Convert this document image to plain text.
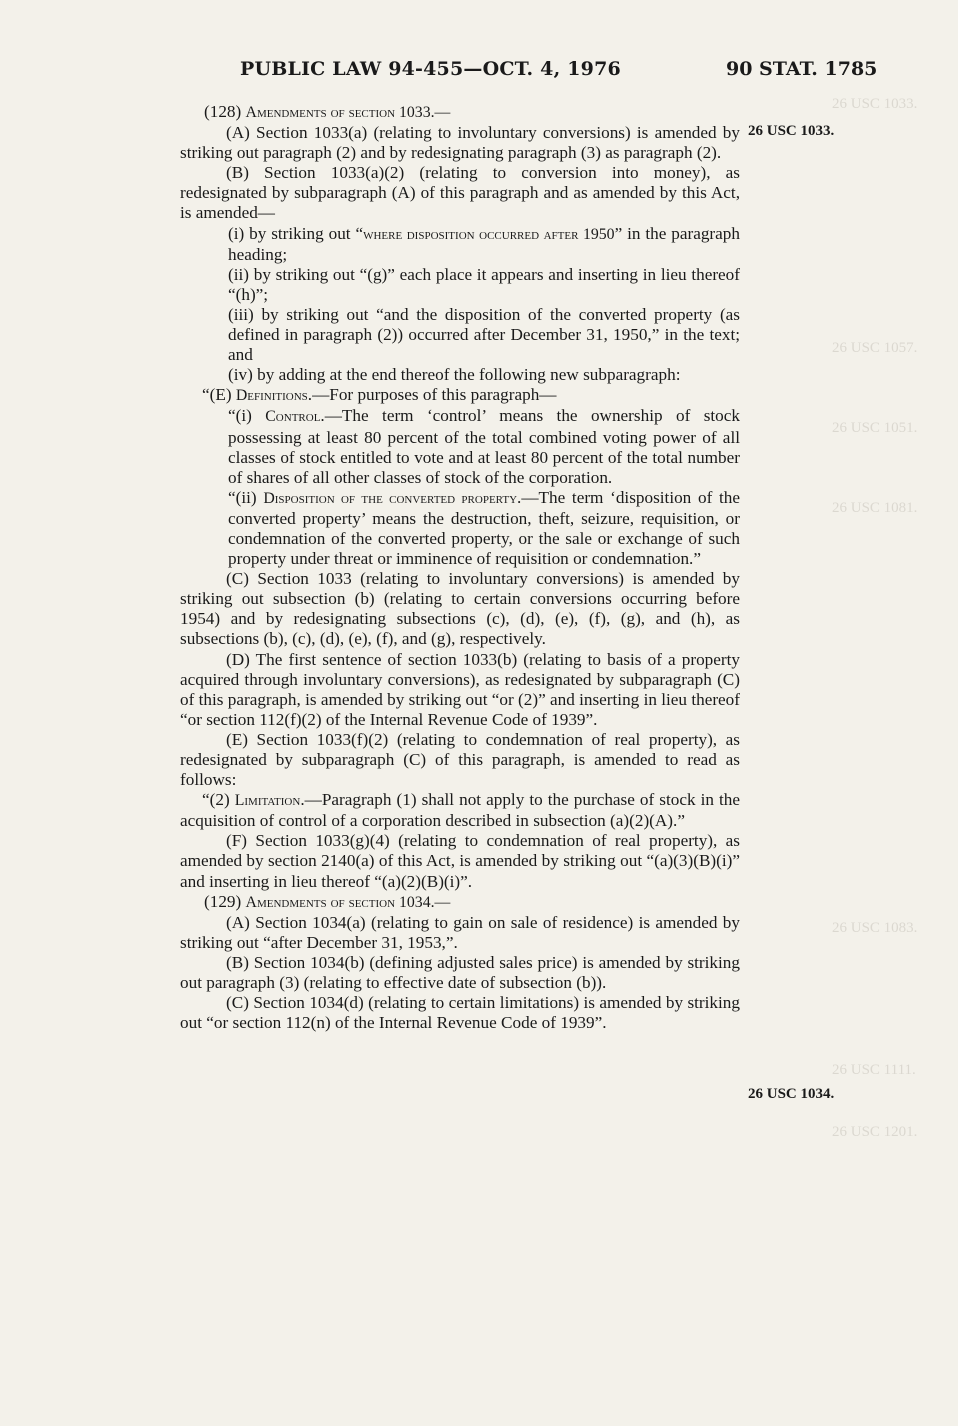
PUBLIC LAW 94-455—OCT. 4, 1976	90 STAT. 1785
26 USC 1033.
26 USC 1057.
26 USC 1051.
26 USC 1081.
26 USC 1083.
26 USC 1111.
26 USC 1201.
26 USC 1033.
26 USC 1034.

(128) Amendments of section 1033.—

(A) Section 1033(a) (relating to involuntary conversions) is amended by striking out paragraph (2) and by redesignating paragraph (3) as paragraph (2).

(B) Section 1033(a)(2) (relating to conversion into money), as redesignated by subparagraph (A) of this paragraph and as amended by this Act, is amended—

(i) by striking out “where disposition occurred after 1950” in the paragraph heading;

(ii) by striking out “(g)” each place it appears and inserting in lieu thereof “(h)”;

(iii) by striking out “and the disposition of the converted property (as defined in paragraph (2)) occurred after December 31, 1950,” in the text; and

(iv) by adding at the end thereof the following new subparagraph:

“(E) Definitions.—For purposes of this paragraph—

“(i) Control.—The term ‘control’ means the ownership of stock possessing at least 80 percent of the total combined voting power of all classes of stock entitled to vote and at least 80 percent of the total number of shares of all other classes of stock of the corporation.

“(ii) Disposition of the converted property.—The term ‘disposition of the converted property’ means the destruction, theft, seizure, requisition, or condemnation of the converted property, or the sale or exchange of such property under threat or imminence of requisition or condemnation.”

(C) Section 1033 (relating to involuntary conversions) is amended by striking out subsection (b) (relating to certain conversions occurring before 1954) and by redesignating subsections (c), (d), (e), (f), (g), and (h), as subsections (b), (c), (d), (e), (f), and (g), respectively.

(D) The first sentence of section 1033(b) (relating to basis of a property acquired through involuntary conversions), as redesignated by subparagraph (C) of this paragraph, is amended by striking out “or (2)” and inserting in lieu thereof “or section 112(f)(2) of the Internal Revenue Code of 1939”.

(E) Section 1033(f)(2) (relating to condemnation of real property), as redesignated by subparagraph (C) of this paragraph, is amended to read as follows:

“(2) Limitation.—Paragraph (1) shall not apply to the purchase of stock in the acquisition of control of a corporation described in subsection (a)(2)(A).”

(F) Section 1033(g)(4) (relating to condemnation of real property), as amended by section 2140(a) of this Act, is amended by striking out “(a)(3)(B)(i)” and inserting in lieu thereof “(a)(2)(B)(i)”.

(129) Amendments of section 1034.—

(A) Section 1034(a) (relating to gain on sale of residence) is amended by striking out “after December 31, 1953,”.

(B) Section 1034(b) (defining adjusted sales price) is amended by striking out paragraph (3) (relating to effective date of subsection (b)).

(C) Section 1034(d) (relating to certain limitations) is amended by striking out “or section 112(n) of the Internal Revenue Code of 1939”.
